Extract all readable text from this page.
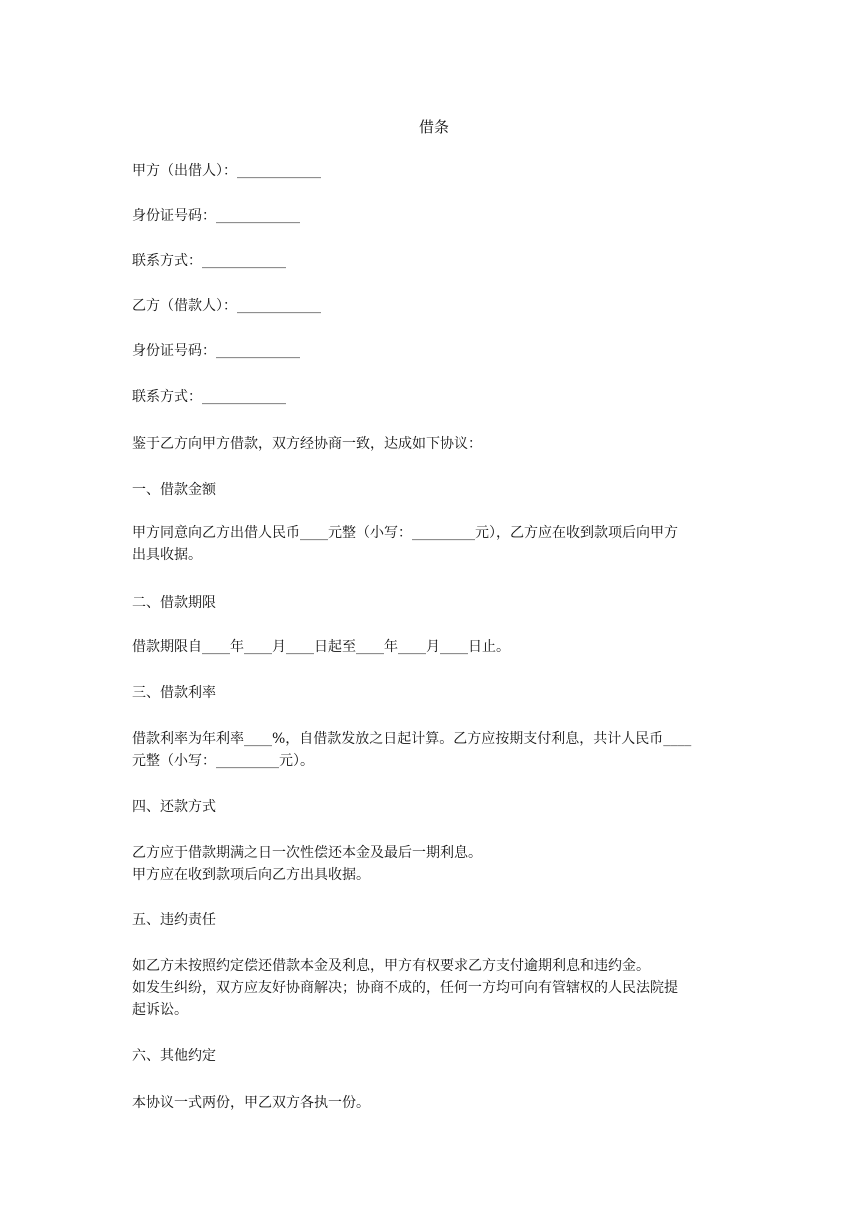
借条
甲方（出借人）：____________
身份证号码：____________
联系方式：____________
乙方（借款人）：____________
身份证号码：____________
联系方式：____________
鉴于乙方向甲方借款，双方经协商一致，达成如下协议：
一、借款金额
甲方同意向乙方出借人民币____元整（小写：_________元），乙方应在收到款项后向甲方
出具收据。
二、借款期限
借款期限自____年____月____日起至____年____月____日止。
三、借款利率
借款利率为年利率____%，自借款发放之日起计算。乙方应按期支付利息，共计人民币____
元整（小写：_________元）。
四、还款方式
乙方应于借款期满之日一次性偿还本金及最后一期利息。
甲方应在收到款项后向乙方出具收据。
五、违约责任
如乙方未按照约定偿还借款本金及利息，甲方有权要求乙方支付逾期利息和违约金。
如发生纠纷，双方应友好协商解决；协商不成的，任何一方均可向有管辖权的人民法院提
起诉讼。
六、其他约定
本协议一式两份，甲乙双方各执一份。
